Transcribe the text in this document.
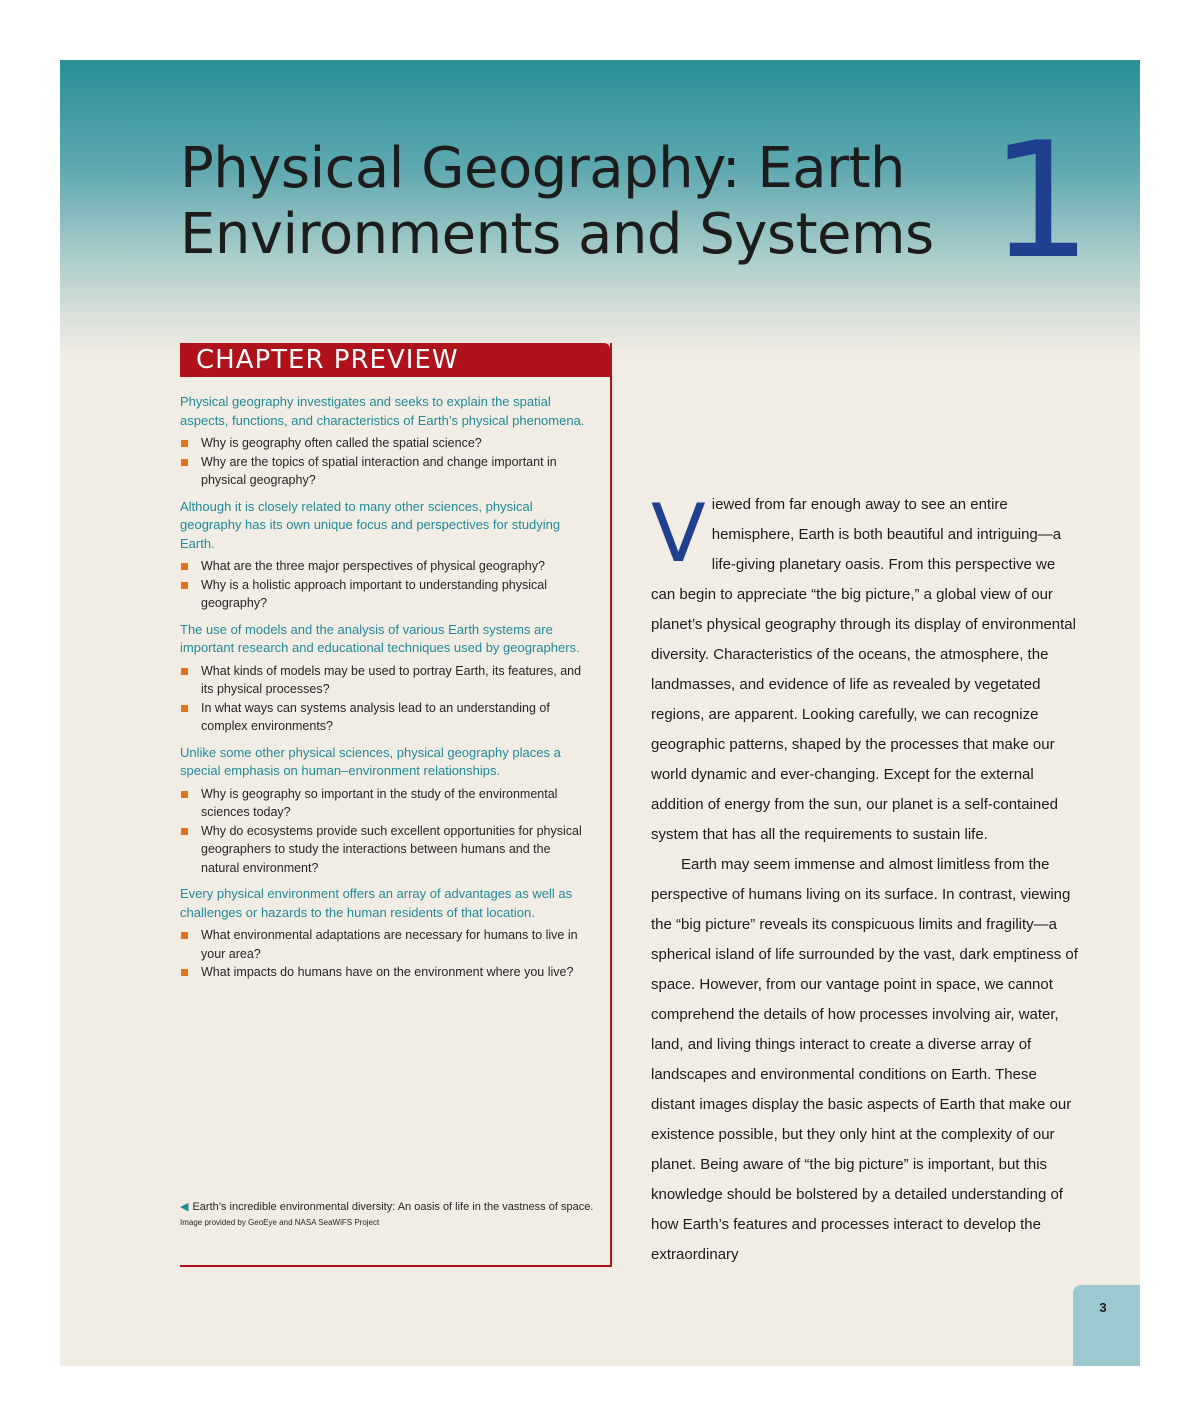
Physical Geography: Earth
Environments and Systems 1
CHAPTER PREVIEW

Physical geography investigates and seeks to explain the spatial aspects, functions, and characteristics of Earth’s physical phenomena.

Why is geography often called the spatial science?
Why are the topics of spatial interaction and change important in physical geography?

Although it is closely related to many other sciences, physical geography has its own unique focus and perspectives for studying Earth.

What are the three major perspectives of physical geography?
Why is a holistic approach important to understanding physical geography?

The use of models and the analysis of various Earth systems are important research and educational techniques used by geographers.

What kinds of models may be used to portray Earth, its features, and its physical processes?
In what ways can systems analysis lead to an understanding of complex environments?

Unlike some other physical sciences, physical geography places a special emphasis on human–environment relationships.

Why is geography so important in the study of the environmental sciences today?
Why do ecosystems provide such excellent opportunities for physical geographers to study the interactions between humans and the natural environment?

Every physical environment offers an array of advantages as well as challenges or hazards to the human residents of that location.

What environmental adaptations are necessary for humans to live in your area?
What impacts do humans have on the environment where you live?

◀ Earth’s incredible environmental diversity: An oasis of life in the vastness of space.

Image provided by GeoEye and NASA SeaWiFS Project

Viewed from far enough away to see an entire hemisphere, Earth is both beautiful and intriguing—a life-giving planetary oasis. From this perspective we can begin to appreciate “the big picture,” a global view of our planet’s physical geography through its display of environmental diversity. Characteristics of the oceans, the atmosphere, the landmasses, and evidence of life as revealed by vegetated regions, are apparent. Looking carefully, we can recognize geographic patterns, shaped by the processes that make our world dynamic and ever-changing. Except for the external addition of energy from the sun, our planet is a self-contained system that has all the requirements to sustain life.

Earth may seem immense and almost limitless from the perspective of humans living on its surface. In contrast, viewing the “big picture” reveals its conspicuous limits and fragility—a spherical island of life surrounded by the vast, dark emptiness of space. However, from our vantage point in space, we cannot comprehend the details of how processes involving air, water, land, and living things interact to create a diverse array of landscapes and environmental conditions on Earth. These distant images display the basic aspects of Earth that make our existence possible, but they only hint at the complexity of our planet. Being aware of “the big picture” is important, but this knowledge should be bolstered by a detailed understanding of how Earth’s features and processes interact to develop the extraordinary

3
